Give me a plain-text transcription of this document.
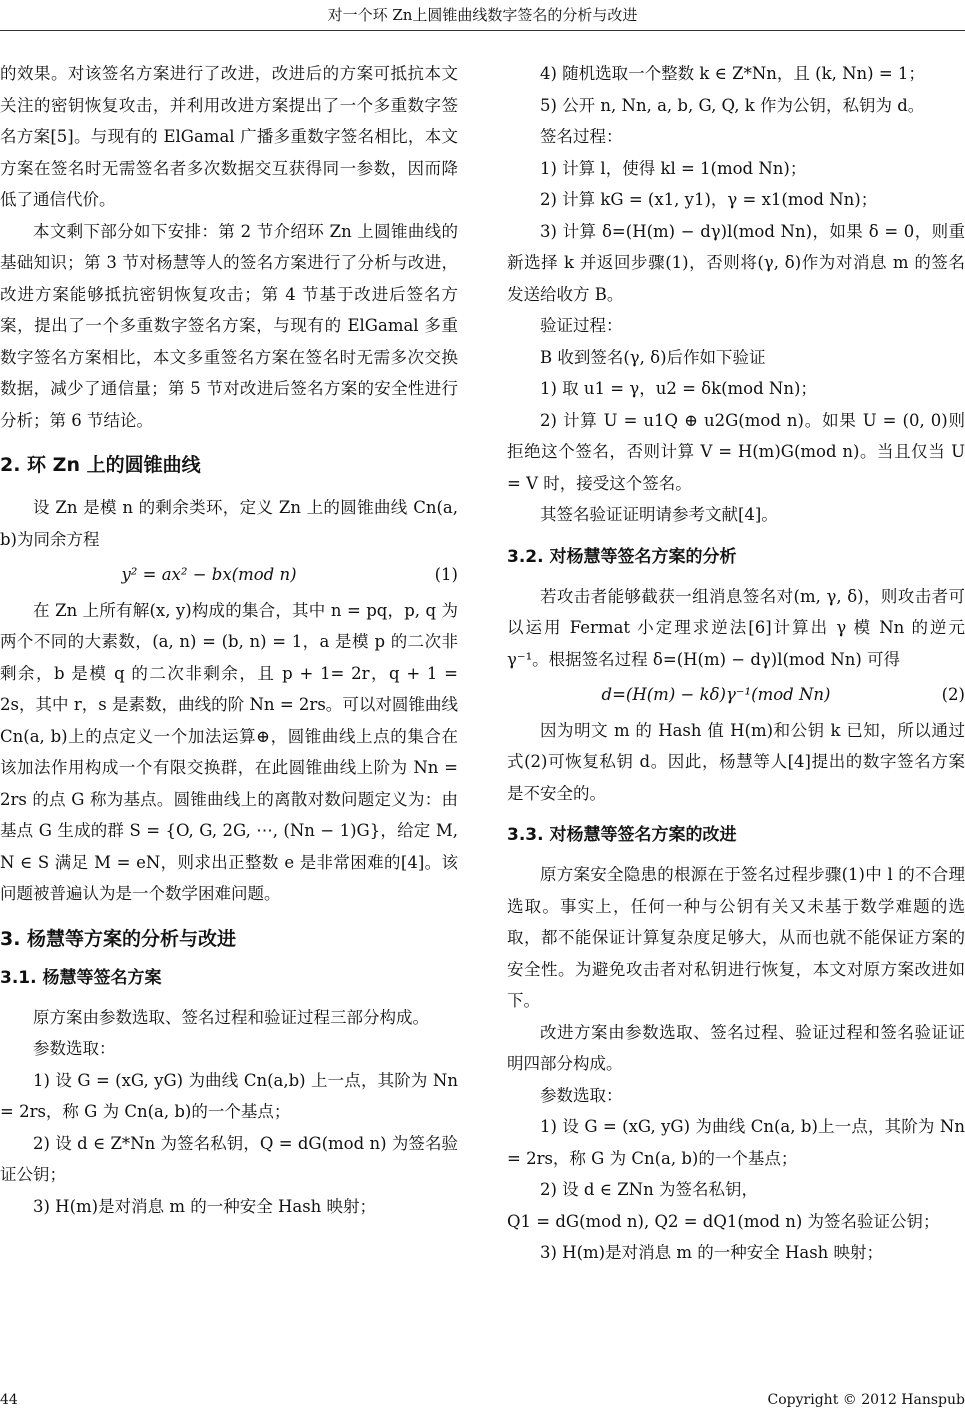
对一个环 Zn上圆锥曲线数字签名的分析与改进

的效果。对该签名方案进行了改进，改进后的方案可抵抗本文关注的密钥恢复攻击，并利用改进方案提出了一个多重数字签名方案[5]。与现有的 ElGamal 广播多重数字签名相比，本文方案在签名时无需签名者多次数据交互获得同一参数，因而降低了通信代价。

本文剩下部分如下安排：第 2 节介绍环 Zn 上圆锥曲线的基础知识；第 3 节对杨慧等人的签名方案进行了分析与改进，改进方案能够抵抗密钥恢复攻击；第 4 节基于改进后签名方案，提出了一个多重数字签名方案，与现有的 ElGamal 多重数字签名方案相比，本文多重签名方案在签名时无需多次交换数据，减少了通信量；第 5 节对改进后签名方案的安全性进行分析；第 6 节结论。

2. 环 Zn 上的圆锥曲线

设 Zn 是模 n 的剩余类环，定义 Zn 上的圆锥曲线 Cn(a, b)为同余方程

y² = ax² − bx(mod n)	(1)

在 Zn 上所有解(x, y)构成的集合，其中 n = pq，p, q 为两个不同的大素数，(a, n) = (b, n) = 1，a 是模 p 的二次非剩余，b 是模 q 的二次非剩余，且 p + 1= 2r，q + 1 = 2s，其中 r，s 是素数，曲线的阶 Nn = 2rs。可以对圆锥曲线 Cn(a, b)上的点定义一个加法运算⊕，圆锥曲线上点的集合在该加法作用构成一个有限交换群，在此圆锥曲线上阶为 Nn = 2rs 的点 G 称为基点。圆锥曲线上的离散对数问题定义为：由基点 G 生成的群 S = {O, G, 2G, ⋯, (Nn − 1)G}，给定 M, N ∈ S 满足 M = eN，则求出正整数 e 是非常困难的[4]。该问题被普遍认为是一个数学困难问题。

3. 杨慧等方案的分析与改进
3.1. 杨慧等签名方案

原方案由参数选取、签名过程和验证过程三部分构成。

参数选取：

1) 设 G = (xG, yG) 为曲线 Cn(a,b) 上一点，其阶为 Nn = 2rs，称 G 为 Cn(a, b)的一个基点；

2) 设 d ∈ Z*Nn 为签名私钥，Q = dG(mod n) 为签名验证公钥；

3) H(m)是对消息 m 的一种安全 Hash 映射；

4) 随机选取一个整数 k ∈ Z*Nn，且 (k, Nn) = 1；

5) 公开 n, Nn, a, b, G, Q, k 作为公钥，私钥为 d。

签名过程：

1) 计算 l，使得 kl = 1(mod Nn)；

2) 计算 kG = (x1, y1)，γ = x1(mod Nn)；

3) 计算 δ=(H(m) − dγ)l(mod Nn)，如果 δ = 0，则重新选择 k 并返回步骤(1)，否则将(γ, δ)作为对消息 m 的签名发送给收方 B。

验证过程：

B 收到签名(γ, δ)后作如下验证

1) 取 u1 = γ，u2 = δk(mod Nn)；

2) 计算 U = u1Q ⊕ u2G(mod n)。如果 U = (0, 0)则拒绝这个签名，否则计算 V = H(m)G(mod n)。当且仅当 U = V 时，接受这个签名。

其签名验证证明请参考文献[4]。

3.2. 对杨慧等签名方案的分析

若攻击者能够截获一组消息签名对(m, γ, δ)，则攻击者可以运用 Fermat 小定理求逆法[6]计算出 γ 模 Nn 的逆元 γ⁻¹。根据签名过程 δ=(H(m) − dγ)l(mod Nn) 可得

d=(H(m) − kδ)γ⁻¹(mod Nn)	(2)

因为明文 m 的 Hash 值 H(m)和公钥 k 已知，所以通过式(2)可恢复私钥 d。因此，杨慧等人[4]提出的数字签名方案是不安全的。

3.3. 对杨慧等签名方案的改进

原方案安全隐患的根源在于签名过程步骤(1)中 l 的不合理选取。事实上，任何一种与公钥有关又未基于数学难题的选取，都不能保证计算复杂度足够大，从而也就不能保证方案的安全性。为避免攻击者对私钥进行恢复，本文对原方案改进如下。

改进方案由参数选取、签名过程、验证过程和签名验证证明四部分构成。

参数选取：

1) 设 G = (xG, yG) 为曲线 Cn(a, b)上一点，其阶为 Nn = 2rs，称 G 为 Cn(a, b)的一个基点；

2) 设 d ∈ ZNn 为签名私钥，

Q1 = dG(mod n), Q2 = dQ1(mod n) 为签名验证公钥；

3) H(m)是对消息 m 的一种安全 Hash 映射；

44	Copyright © 2012 Hanspub
